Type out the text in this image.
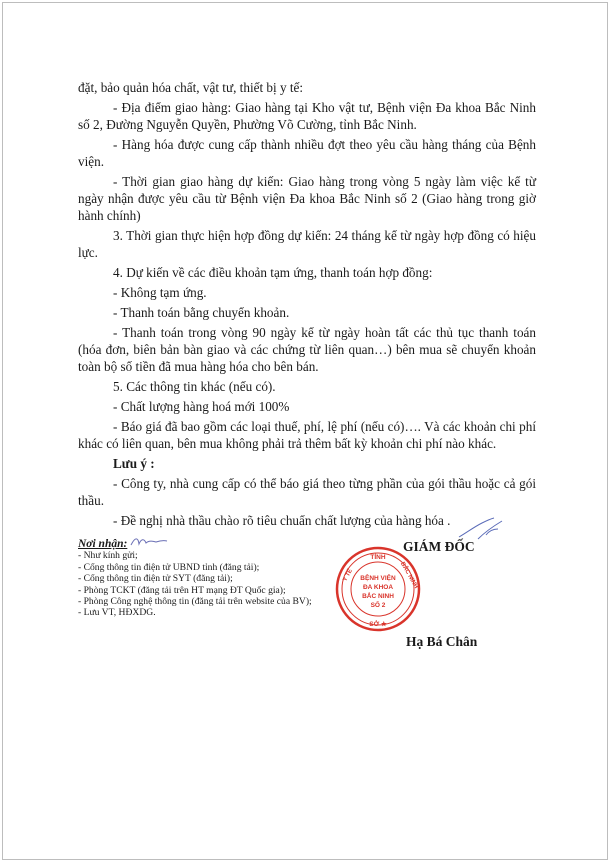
đặt, bảo quản hóa chất, vật tư, thiết bị y tế:

- Địa điểm giao hàng: Giao hàng tại Kho vật tư, Bệnh viện Đa khoa Bắc Ninh số 2, Đường Nguyễn Quyền, Phường Võ Cường, tỉnh Bắc Ninh.

- Hàng hóa được cung cấp thành nhiều đợt theo yêu cầu hàng tháng của Bệnh viện.

- Thời gian giao hàng dự kiến: Giao hàng trong vòng 5 ngày làm việc kể từ ngày nhận được yêu cầu từ Bệnh viện Đa khoa Bắc Ninh số 2 (Giao hàng trong giờ hành chính)

3. Thời gian thực hiện hợp đồng dự kiến: 24 tháng kể từ ngày hợp đồng có hiệu lực.

4. Dự kiến về các điều khoản tạm ứng, thanh toán hợp đồng:

- Không tạm ứng.

- Thanh toán bằng chuyển khoản.

- Thanh toán trong vòng 90 ngày kể từ ngày hoàn tất các thủ tục thanh toán (hóa đơn, biên bản bàn giao và các chứng từ liên quan…) bên mua sẽ chuyển khoản toàn bộ số tiền đã mua hàng hóa cho bên bán.

5. Các thông tin khác (nếu có).

- Chất lượng hàng hoá mới 100%

- Báo giá đã bao gồm các loại thuế, phí, lệ phí (nếu có)…. Và các khoản chi phí khác có liên quan, bên mua không phải trả thêm bất kỳ khoản chi phí nào khác.

Lưu ý :

- Công ty, nhà cung cấp có thể báo giá theo từng phần của gói thầu hoặc cả gói thầu.

- Đề nghị nhà thầu chào rõ tiêu chuẩn chất lượng của hàng hóa .

Nơi nhận:
- Như kính gửi;
- Cổng thông tin điện tử UBND tỉnh (đăng tải);
- Cổng thông tin điện tử SYT (đăng tải);
- Phòng TCKT (đăng tải trên HT mạng ĐT Quốc gia);
- Phòng Công nghệ thông tin (đăng tải trên website của BV);
- Lưu VT, HĐXDG.
GIÁM ĐỐC
TỈNH
Y TẾ	BẮC NINH
SỞ ★
BỆNH VIỆN
ĐA KHOA
BẮC NINH
SỐ 2
Hạ Bá Chân
